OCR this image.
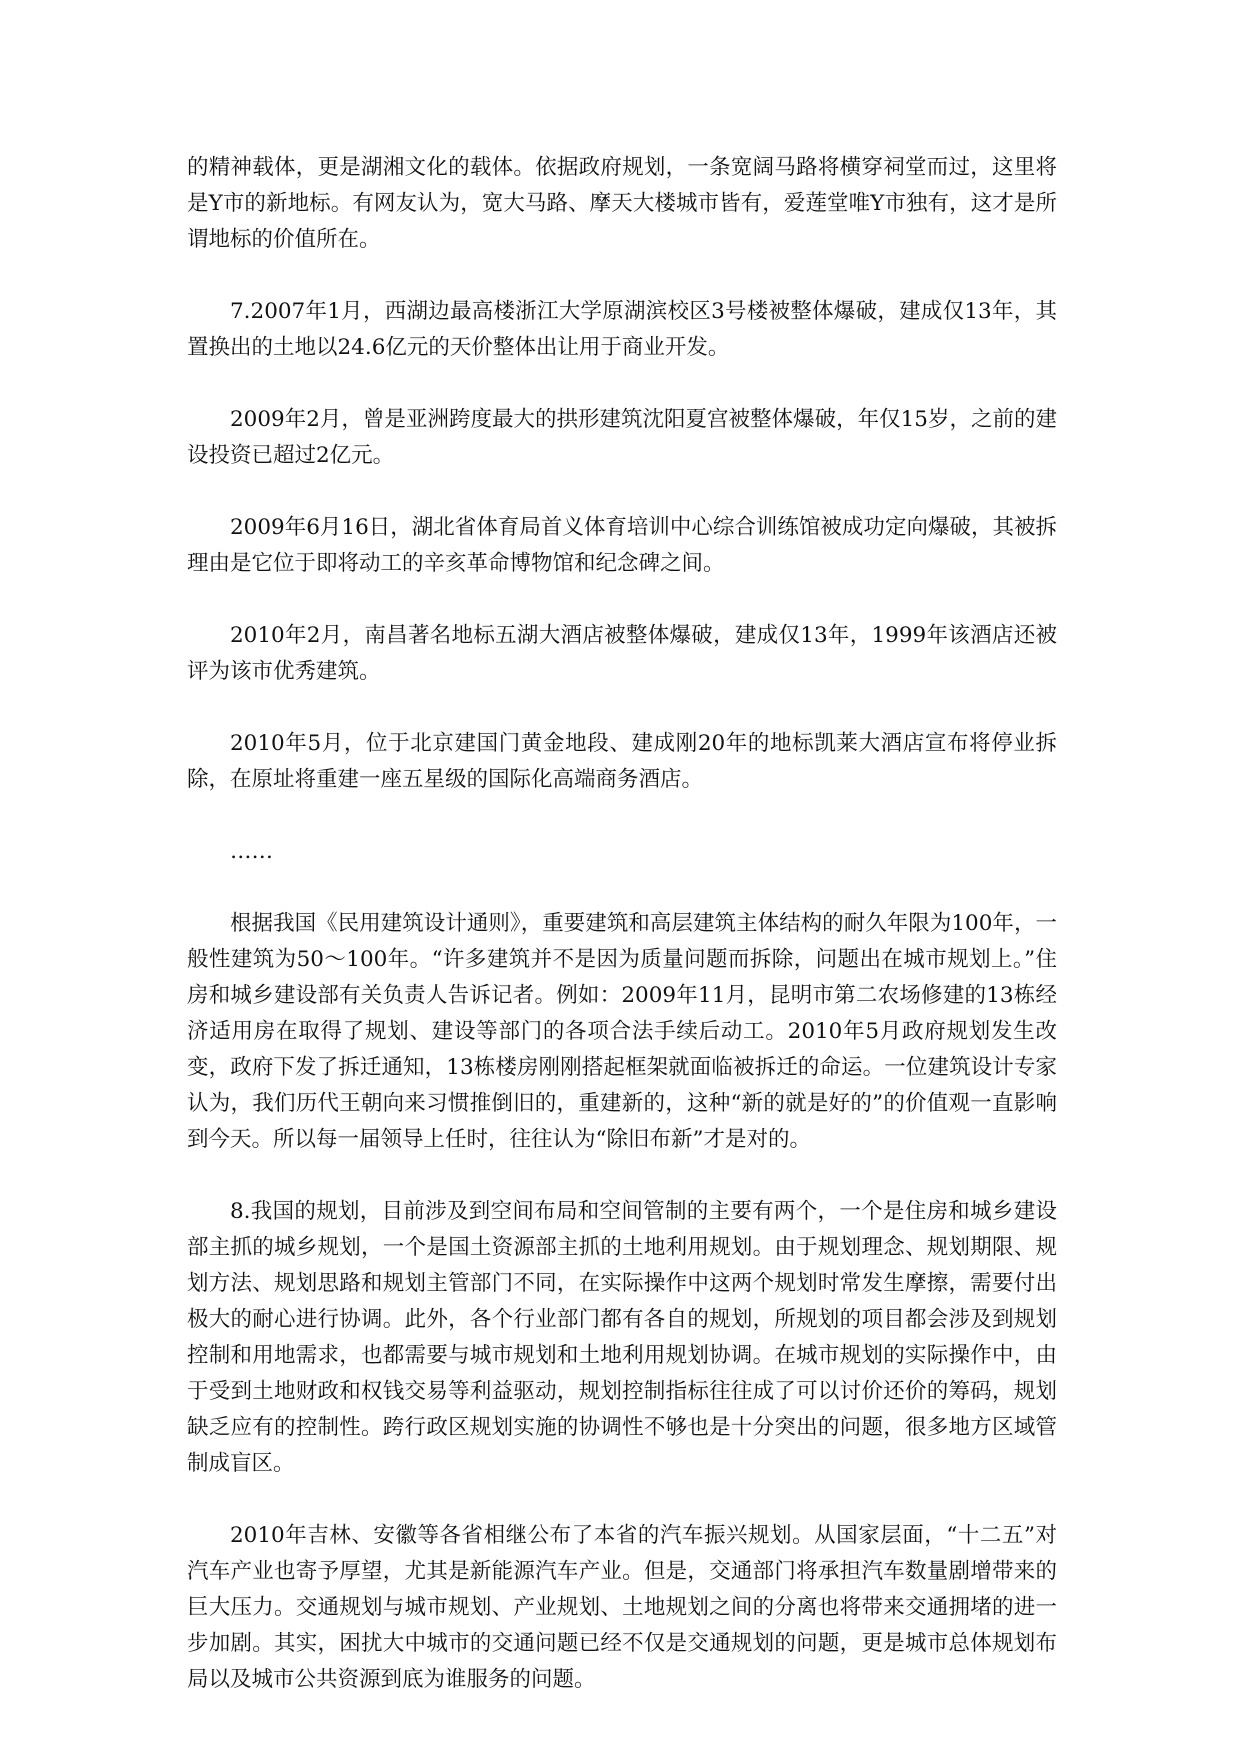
的精神载体，更是湖湘文化的载体。依据政府规划，一条宽阔马路将横穿祠堂而过，这里将是Y市的新地标。有网友认为，宽大马路、摩天大楼城市皆有，爱莲堂唯Y市独有，这才是所谓地标的价值所在。

7.2007年1月，西湖边最高楼浙江大学原湖滨校区3号楼被整体爆破，建成仅13年，其置换出的土地以24.6亿元的天价整体出让用于商业开发。

2009年2月，曾是亚洲跨度最大的拱形建筑沈阳夏宫被整体爆破，年仅15岁，之前的建设投资已超过2亿元。

2009年6月16日，湖北省体育局首义体育培训中心综合训练馆被成功定向爆破，其被拆理由是它位于即将动工的辛亥革命博物馆和纪念碑之间。

2010年2月，南昌著名地标五湖大酒店被整体爆破，建成仅13年，1999年该酒店还被评为该市优秀建筑。

2010年5月，位于北京建国门黄金地段、建成刚20年的地标凯莱大酒店宣布将停业拆除，在原址将重建一座五星级的国际化高端商务酒店。

……

根据我国《民用建筑设计通则》，重要建筑和高层建筑主体结构的耐久年限为100年，一般性建筑为50～100年。“许多建筑并不是因为质量问题而拆除，问题出在城市规划上。”住房和城乡建设部有关负责人告诉记者。例如：2009年11月，昆明市第二农场修建的13栋经济适用房在取得了规划、建设等部门的各项合法手续后动工。2010年5月政府规划发生改变，政府下发了拆迁通知，13栋楼房刚刚搭起框架就面临被拆迁的命运。一位建筑设计专家认为，我们历代王朝向来习惯推倒旧的，重建新的，这种“新的就是好的”的价值观一直影响到今天。所以每一届领导上任时，往往认为“除旧布新”才是对的。

8.我国的规划，目前涉及到空间布局和空间管制的主要有两个，一个是住房和城乡建设部主抓的城乡规划，一个是国土资源部主抓的土地利用规划。由于规划理念、规划期限、规划方法、规划思路和规划主管部门不同，在实际操作中这两个规划时常发生摩擦，需要付出极大的耐心进行协调。此外，各个行业部门都有各自的规划，所规划的项目都会涉及到规划控制和用地需求，也都需要与城市规划和土地利用规划协调。在城市规划的实际操作中，由于受到土地财政和权钱交易等利益驱动，规划控制指标往往成了可以讨价还价的筹码，规划缺乏应有的控制性。跨行政区规划实施的协调性不够也是十分突出的问题，很多地方区域管制成盲区。

2010年吉林、安徽等各省相继公布了本省的汽车振兴规划。从国家层面，“十二五”对汽车产业也寄予厚望，尤其是新能源汽车产业。但是，交通部门将承担汽车数量剧增带来的巨大压力。交通规划与城市规划、产业规划、土地规划之间的分离也将带来交通拥堵的进一步加剧。其实，困扰大中城市的交通问题已经不仅是交通规划的问题，更是城市总体规划布局以及城市公共资源到底为谁服务的问题。
